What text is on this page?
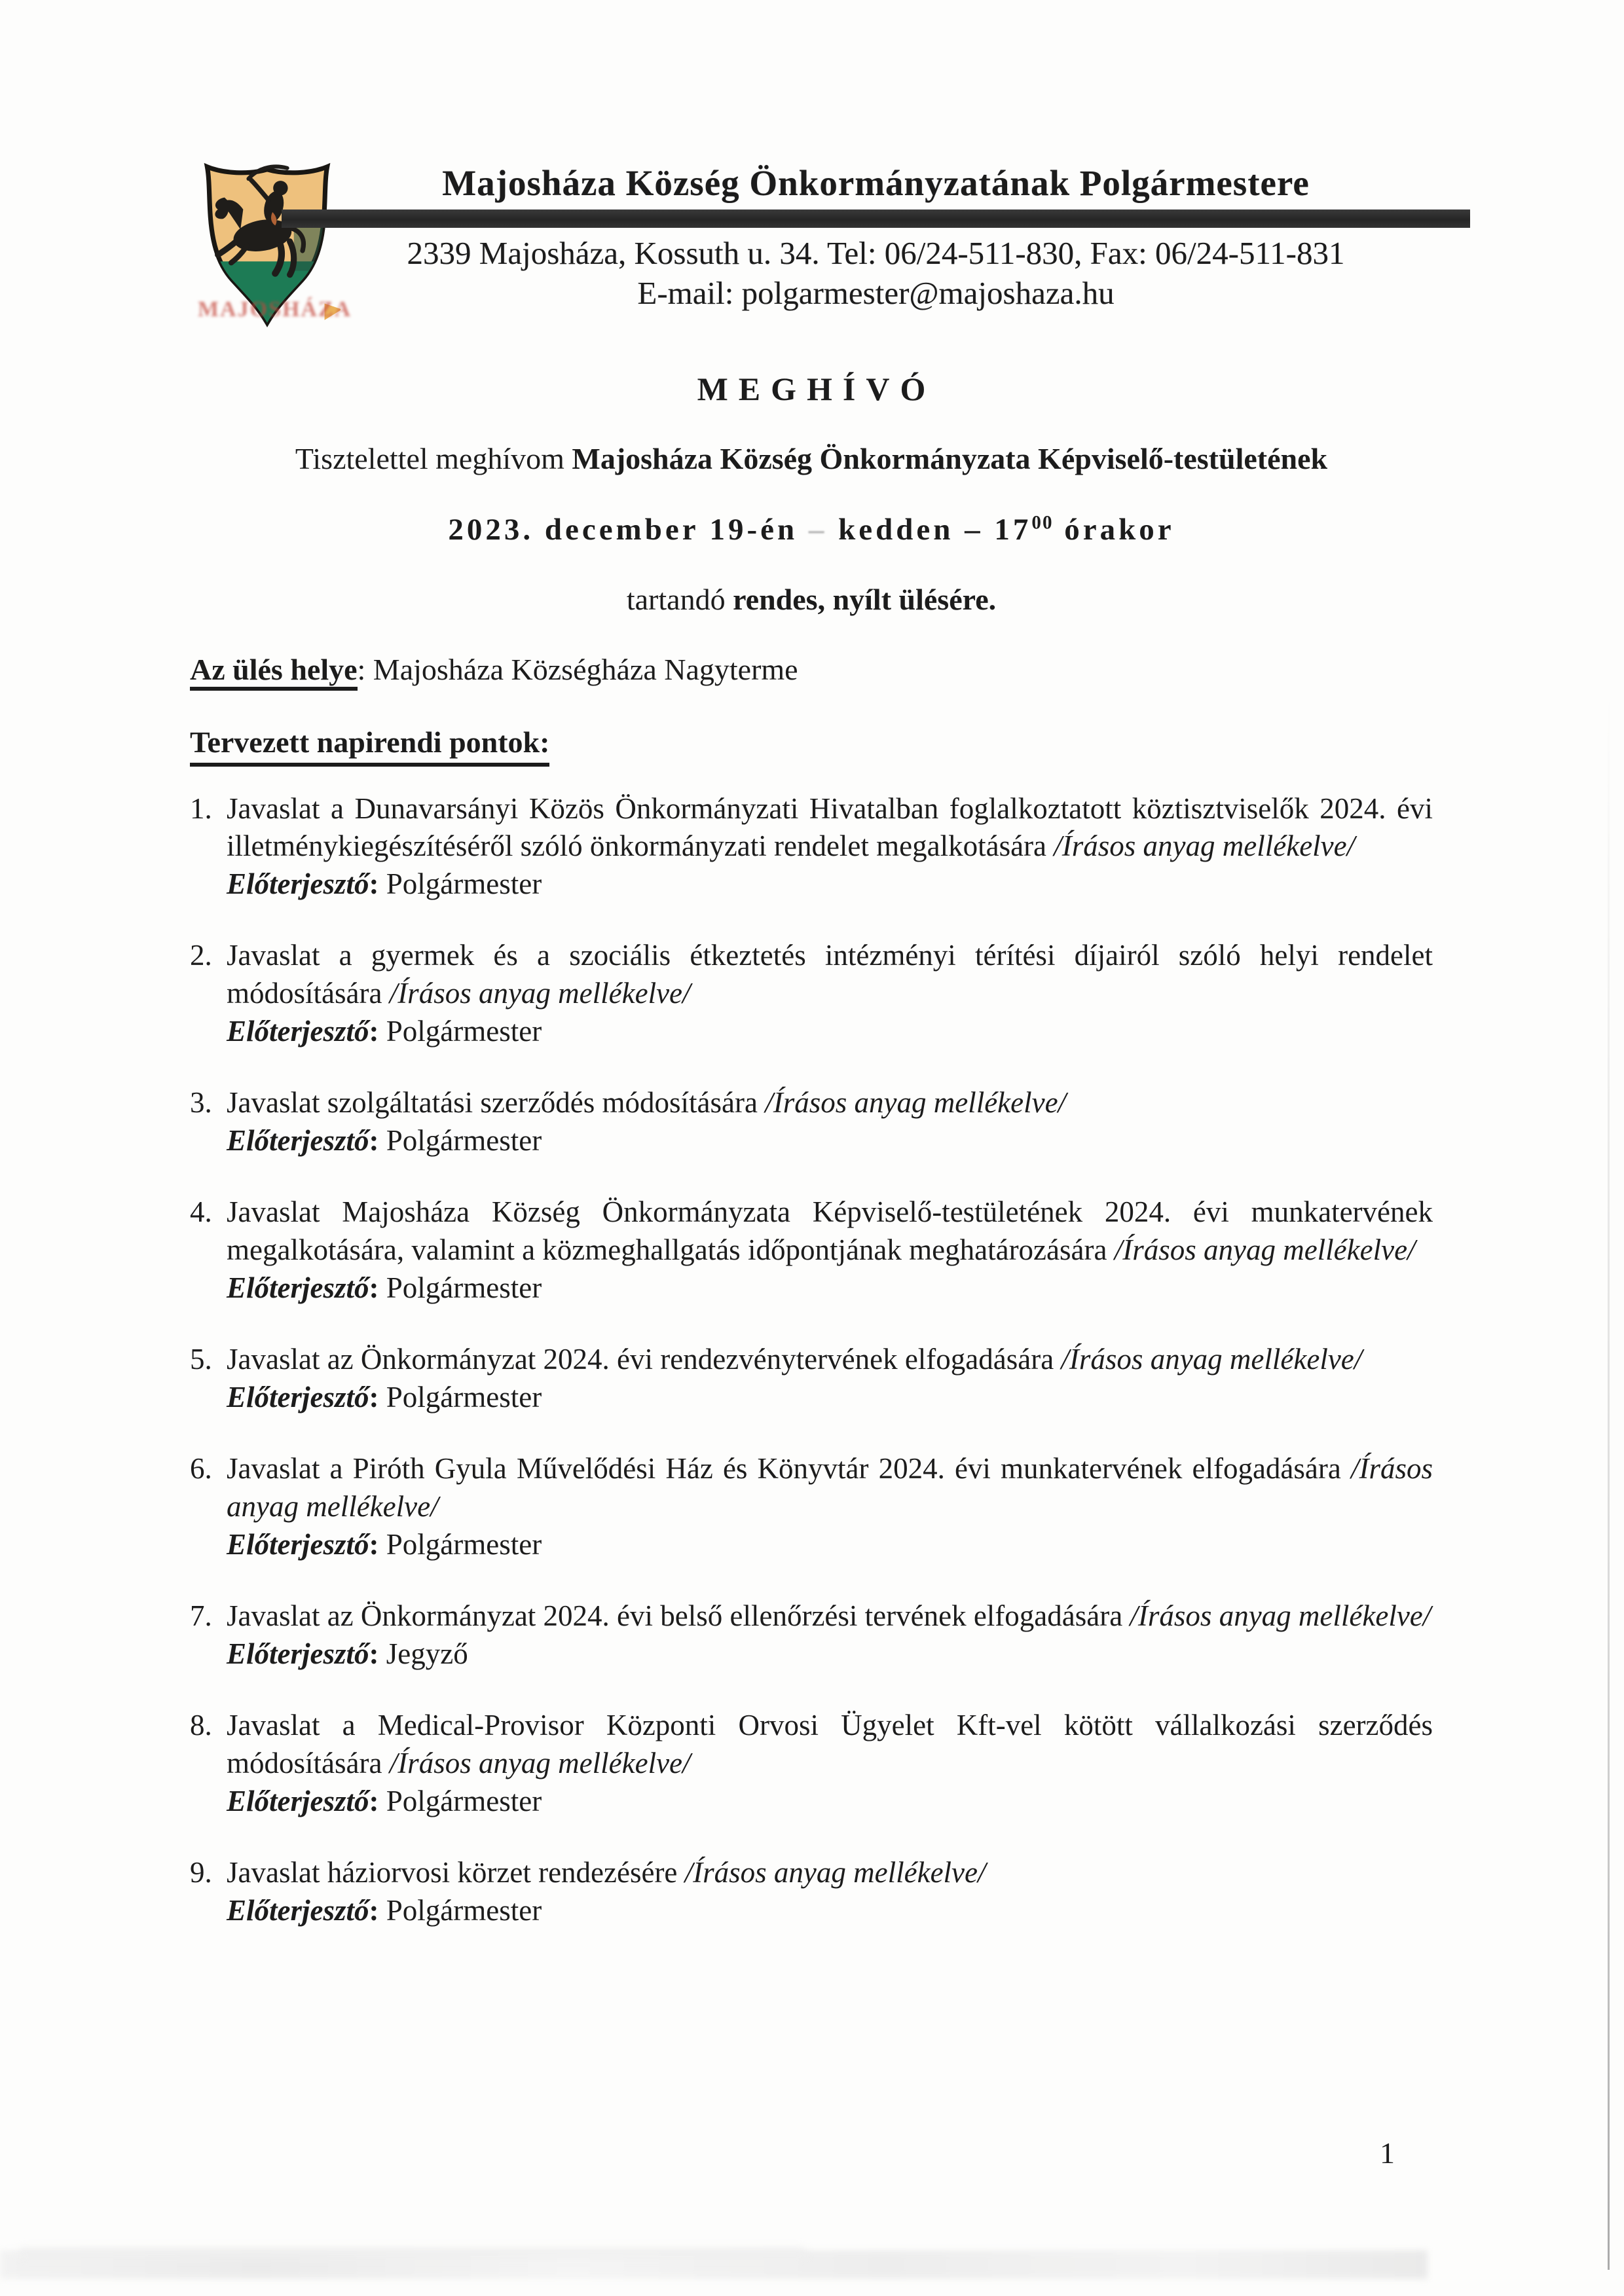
MAJOSHÁZA
Majosháza Község Önkormányzatának Polgármestere
2339 Majosháza, Kossuth u. 34. Tel: 06/24-511-830, Fax: 06/24-511-831
E-mail: polgarmester@majoshaza.hu
MEGHÍVÓ

Tisztelettel meghívom Majosháza Község Önkormányzata Képviselő-testületének

2023. december 19-én – kedden – $17^{00}$ órakor

tartandó rendes, nyílt ülésére.

Az ülés helye: Majosháza Községháza Nagyterme

Tervezett napirendi pontok:
1. Javaslat a Dunavarsányi Közös Önkormányzati Hivatalban foglalkoztatott köztisztviselők 2024. évi illetménykiegészítéséről szóló önkormányzati rendelet megalkotására /Írásos anyag mellékelve/

Előterjesztő: Polgármester

2. Javaslat a gyermek és a szociális étkeztetés intézményi térítési díjairól szóló helyi rendelet módosítására /Írásos anyag mellékelve/

Előterjesztő: Polgármester

3. Javaslat szolgáltatási szerződés módosítására /Írásos anyag mellékelve/

Előterjesztő: Polgármester

4. Javaslat Majosháza Község Önkormányzata Képviselő-testületének 2024. évi munkatervének megalkotására, valamint a közmeghallgatás időpontjának meghatározására /Írásos anyag mellékelve/

Előterjesztő: Polgármester

5. Javaslat az Önkormányzat 2024. évi rendezvénytervének elfogadására /Írásos anyag mellékelve/

Előterjesztő: Polgármester

6. Javaslat a Piróth Gyula Művelődési Ház és Könyvtár 2024. évi munkatervének elfogadására /Írásos anyag mellékelve/

Előterjesztő: Polgármester

7. Javaslat az Önkormányzat 2024. évi belső ellenőrzési tervének elfogadására /Írásos anyag mellékelve/

Előterjesztő: Jegyző

8. Javaslat a Medical-Provisor Központi Orvosi Ügyelet Kft-vel kötött vállalkozási szerződés módosítására /Írásos anyag mellékelve/

Előterjesztő: Polgármester

9. Javaslat háziorvosi körzet rendezésére /Írásos anyag mellékelve/

Előterjesztő: Polgármester

1
